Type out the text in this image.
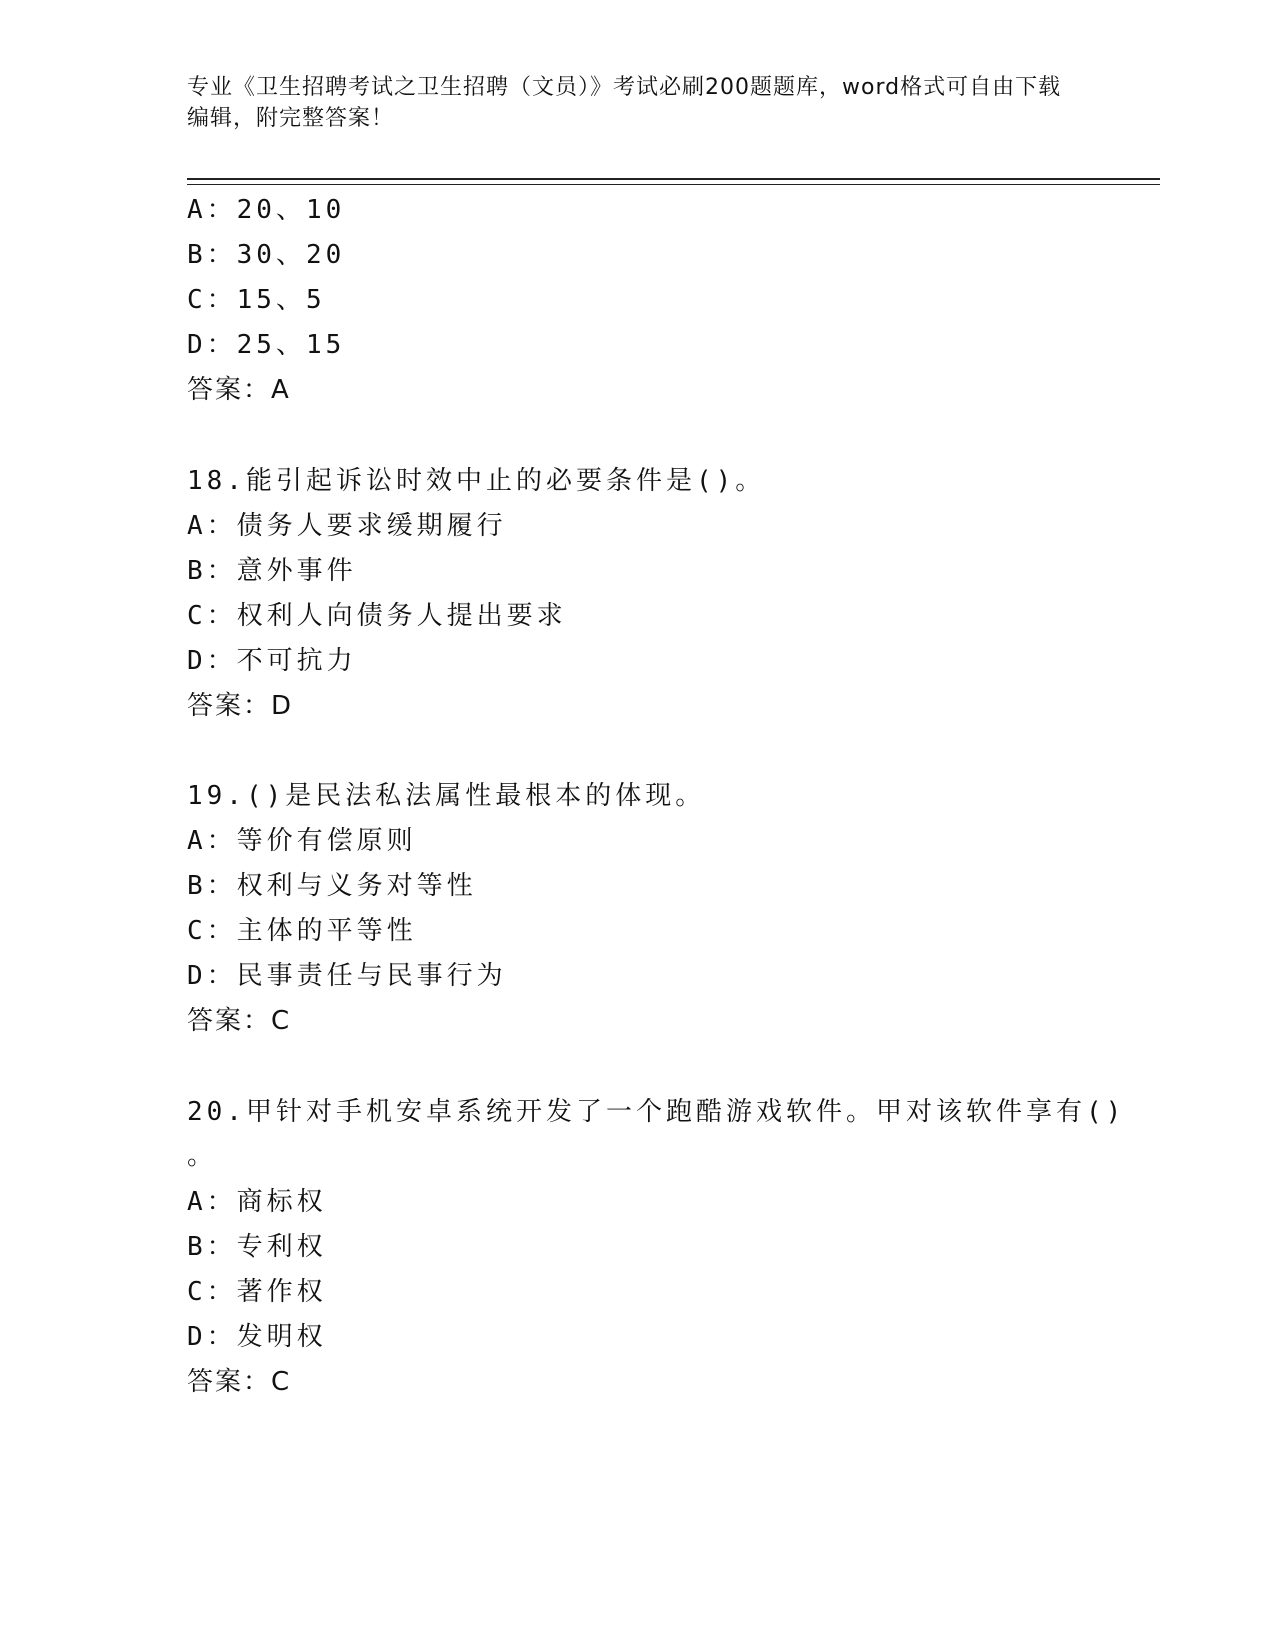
专业《卫生招聘考试之卫生招聘（文员）》考试必刷200题题库，word格式可自由下载编辑，附完整答案！
A：20、10
B：30、20
C：15、5
D：25、15
答案：A
18.能引起诉讼时效中止的必要条件是()。
A：债务人要求缓期履行
B：意外事件
C：权利人向债务人提出要求
D：不可抗力
答案：D
19.()是民法私法属性最根本的体现。
A：等价有偿原则
B：权利与义务对等性
C：主体的平等性
D：民事责任与民事行为
答案：C
20.甲针对手机安卓系统开发了一个跑酷游戏软件。甲对该软件享有()
。
A：商标权
B：专利权
C：著作权
D：发明权
答案：C
